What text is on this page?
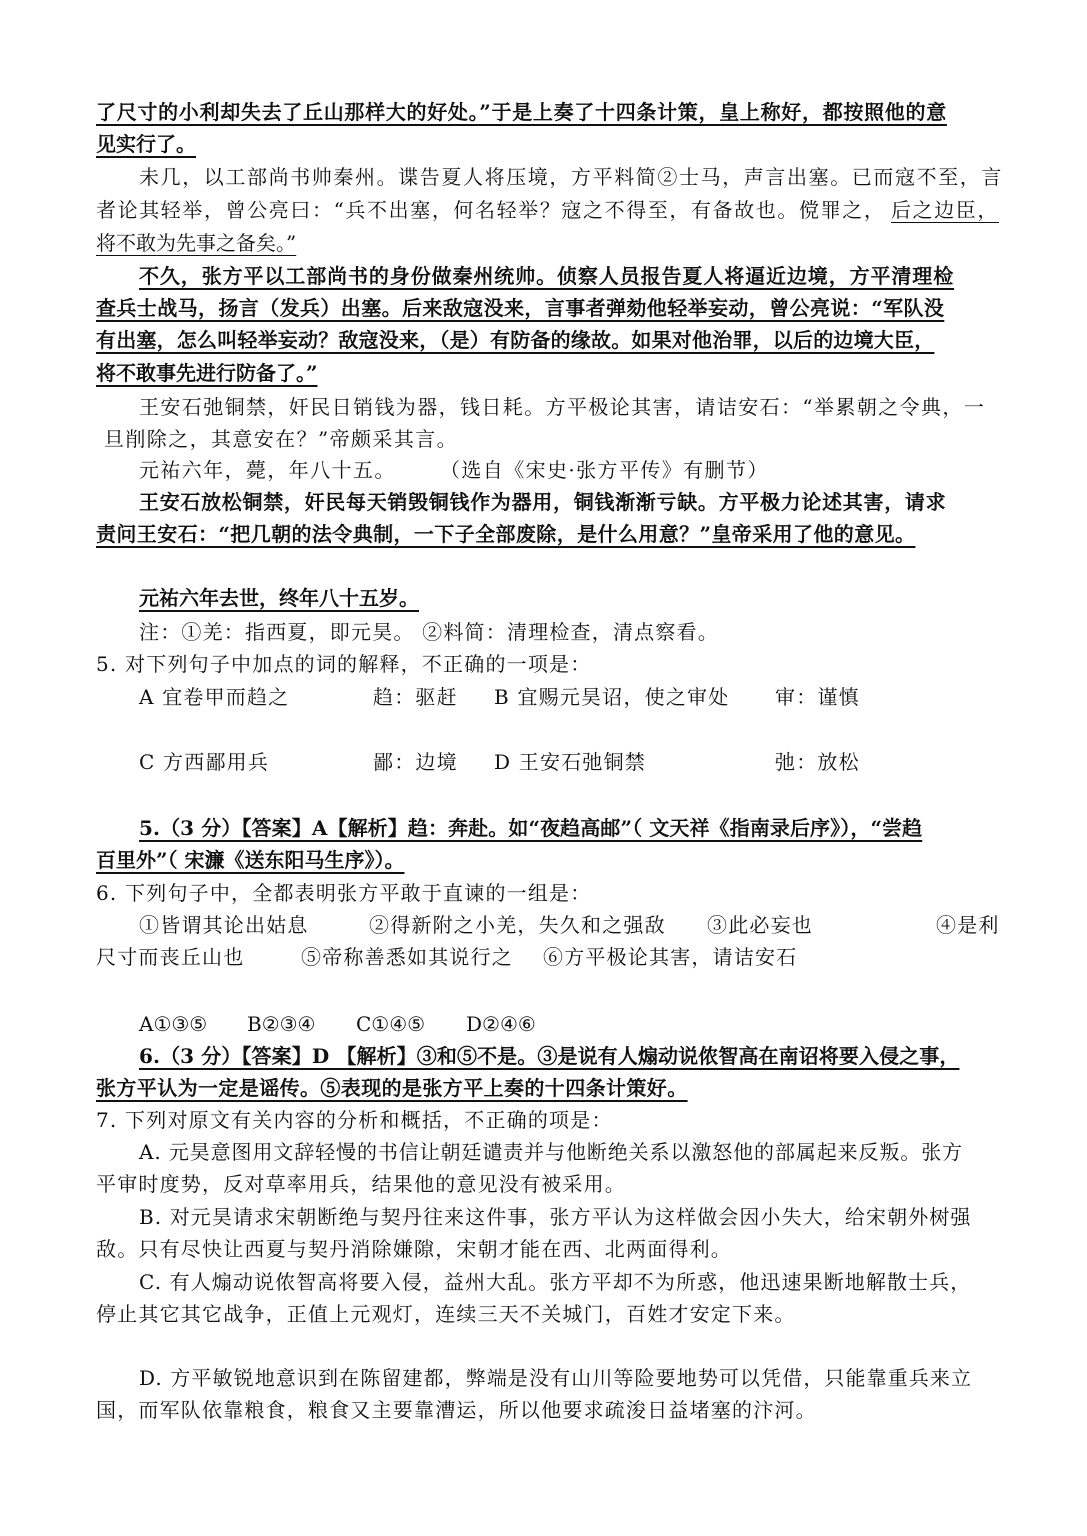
了尺寸的小利却失去了丘山那样大的好处。”于是上奏了十四条计策，皇上称好，都按照他的意
见实行了。
未几，以工部尚书帅秦州。谍告夏人将压境，方平料简②士马，声言出塞。已而寇不至，言
者论其轻举，曾公亮曰：“兵不出塞，何名轻举？寇之不得至，有备故也。傥罪之， 后之边臣，
将不敢为先事之备矣。”
不久，张方平以工部尚书的身份做秦州统帅。侦察人员报告夏人将逼近边境，方平清理检
查兵士战马，扬言（发兵）出塞。后来敌寇没来，言事者弹劾他轻举妄动，曾公亮说：“军队没
有出塞，怎么叫轻举妄动？敌寇没来，（是）有防备的缘故。如果对他治罪，以后的边境大臣，
将不敢事先进行防备了。”
王安石弛铜禁，奸民日销钱为器，钱日耗。方平极论其害，请诘安石：“举累朝之令典，一
旦削除之，其意安在？”帝颇采其言。
元祐六年，薨，年八十五。 （选自《宋史·张方平传》有删节）
王安石放松铜禁，奸民每天销毁铜钱作为器用，铜钱渐渐亏缺。方平极力论述其害，请求
责问王安石：“把几朝的法令典制，一下子全部废除，是什么用意？”皇帝采用了他的意见。
元祐六年去世，终年八十五岁。
注：①羌：指西夏，即元昊。 ②料简：清理检查，清点察看。
5. 对下列句子中加点的词的解释，不正确的一项是：
A 宜卷甲而趋之	趋：驱赶 B 宜赐元昊诏，使之审处 审：谨慎
C 方西鄙用兵	鄙：边境 D 王安石弛铜禁	弛：放松
5.（3 分）【答案】A【解析】趋：奔赴。如“夜趋高邮”（ 文天祥《指南录后序》），“尝趋
百里外”（ 宋濂《送东阳马生序》）。
6. 下列句子中，全都表明张方平敢于直谏的一组是：
①皆谓其论出姑息	②得新附之小羌，失久和之强敌 ③此必妄也	④是利
尺寸而丧丘山也	⑤帝称善悉如其说行之 ⑥方平极论其害，请诘安石
A①③⑤ B②③④ C①④⑤ D②④⑥
6.（3 分）【答案】D 【解析】③和⑤不是。③是说有人煽动说侬智高在南诏将要入侵之事，
张方平认为一定是谣传。⑤表现的是张方平上奏的十四条计策好。
7. 下列对原文有关内容的分析和概括，不正确的项是：
A. 元昊意图用文辞轻慢的书信让朝廷谴责并与他断绝关系以激怒他的部属起来反叛。张方
平审时度势，反对草率用兵，结果他的意见没有被采用。
B. 对元昊请求宋朝断绝与契丹往来这件事，张方平认为这样做会因小失大，给宋朝外树强
敌。只有尽快让西夏与契丹消除嫌隙，宋朝才能在西、北两面得利。
C. 有人煽动说侬智高将要入侵，益州大乱。张方平却不为所惑，他迅速果断地解散士兵，
停止其它其它战争，正值上元观灯，连续三天不关城门，百姓才安定下来。
D. 方平敏锐地意识到在陈留建都，弊端是没有山川等险要地势可以凭借，只能靠重兵来立
国，而军队依靠粮食，粮食又主要靠漕运，所以他要求疏浚日益堵塞的汴河。
